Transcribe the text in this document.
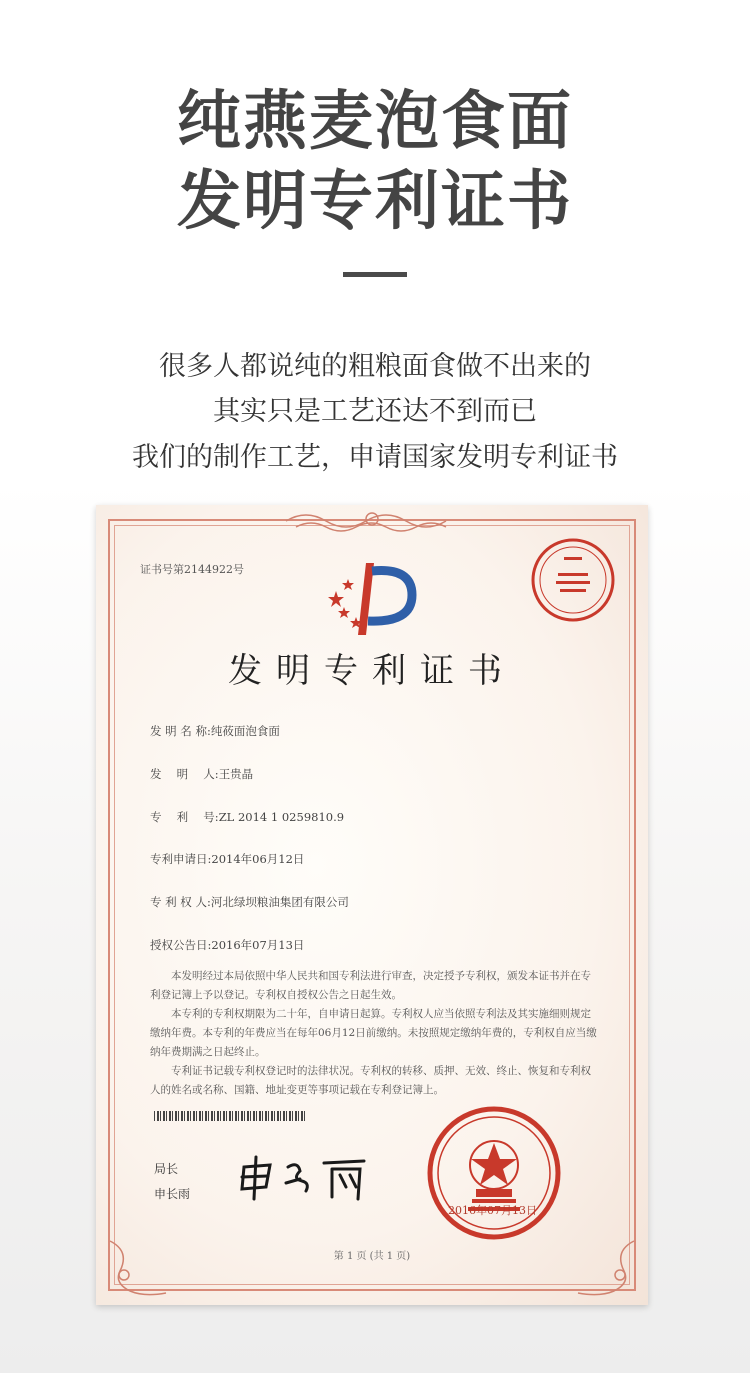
纯燕麦泡食面
发明专利证书
很多人都说纯的粗粮面食做不出来的
其实只是工艺还达不到而已
我们的制作工艺，申请国家发明专利证书
证书号第2144922号
发明专利证书
发 明 名 称:纯莜面泡食面
发　 明　 人:王贵晶
专　 利　 号:ZL 2014 1 0259810.9
专利申请日:2014年06月12日
专 利 权 人:河北绿坝粮油集团有限公司
授权公告日:2016年07月13日
本发明经过本局依照中华人民共和国专利法进行审查，决定授予专利权，颁发本证书并在专利登记簿上予以登记。专利权自授权公告之日起生效。
本专利的专利权期限为二十年，自申请日起算。专利权人应当依照专利法及其实施细则规定缴纳年费。本专利的年费应当在每年06月12日前缴纳。未按照规定缴纳年费的，专利权自应当缴纳年费期满之日起终止。
专利证书记载专利权登记时的法律状况。专利权的转移、质押、无效、终止、恢复和专利权人的姓名或名称、国籍、地址变更等事项记载在专利登记簿上。
局长
申长雨
2016年07月13日
第 1 页 (共 1 页)
